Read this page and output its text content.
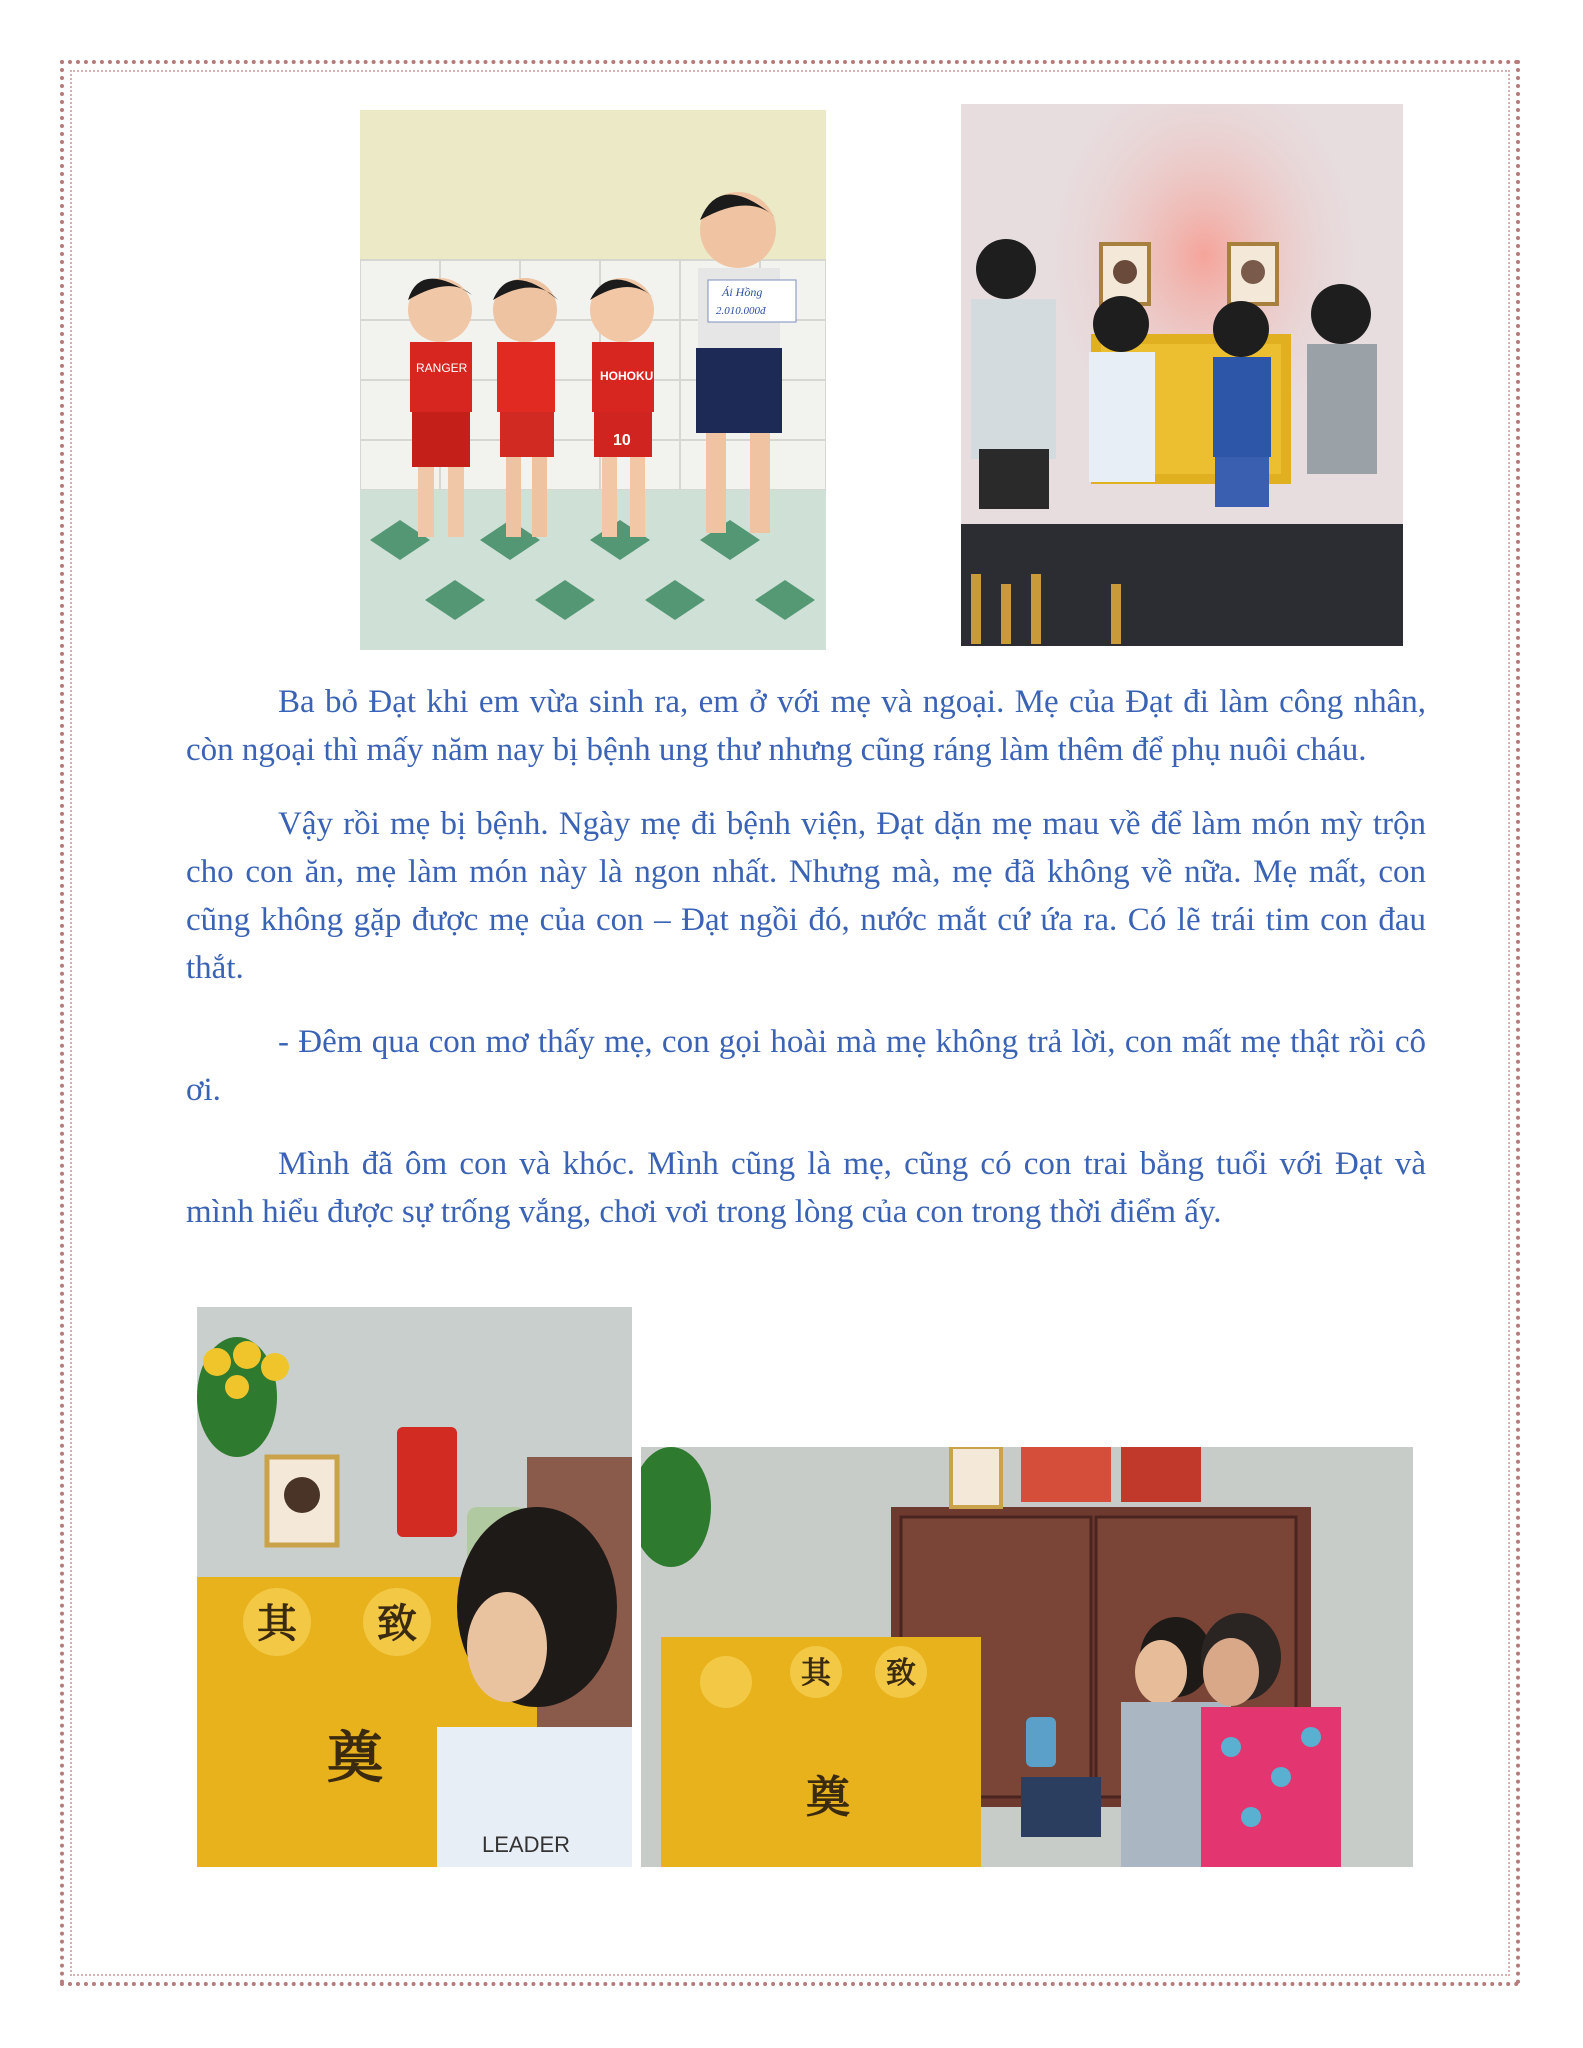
RANGER
HOHOKU
10
Ái Hồng
2.010.000đ

Ba bỏ Đạt khi em vừa sinh ra, em ở với mẹ và ngoại. Mẹ của Đạt đi làm công nhân, còn ngoại thì mấy năm nay bị bệnh ung thư nhưng cũng ráng làm thêm để phụ nuôi cháu.

Vậy rồi mẹ bị bệnh. Ngày mẹ đi bệnh viện, Đạt dặn mẹ mau về để làm món mỳ trộn cho con ăn, mẹ làm món này là ngon nhất. Nhưng mà, mẹ đã không về nữa. Mẹ mất, con cũng không gặp được mẹ của con – Đạt ngồi đó, nước mắt cứ ứa ra. Có lẽ trái tim con đau thắt.

- Đêm qua con mơ thấy mẹ, con gọi hoài mà mẹ không trả lời, con mất mẹ thật rồi cô ơi.

Mình đã ôm con và khóc. Mình cũng là mẹ, cũng có con trai bằng tuổi với Đạt và mình hiểu được sự trống vắng, chơi vơi trong lòng của con trong thời điểm ấy.

其 致
奠
LEADER
其 致
奠
